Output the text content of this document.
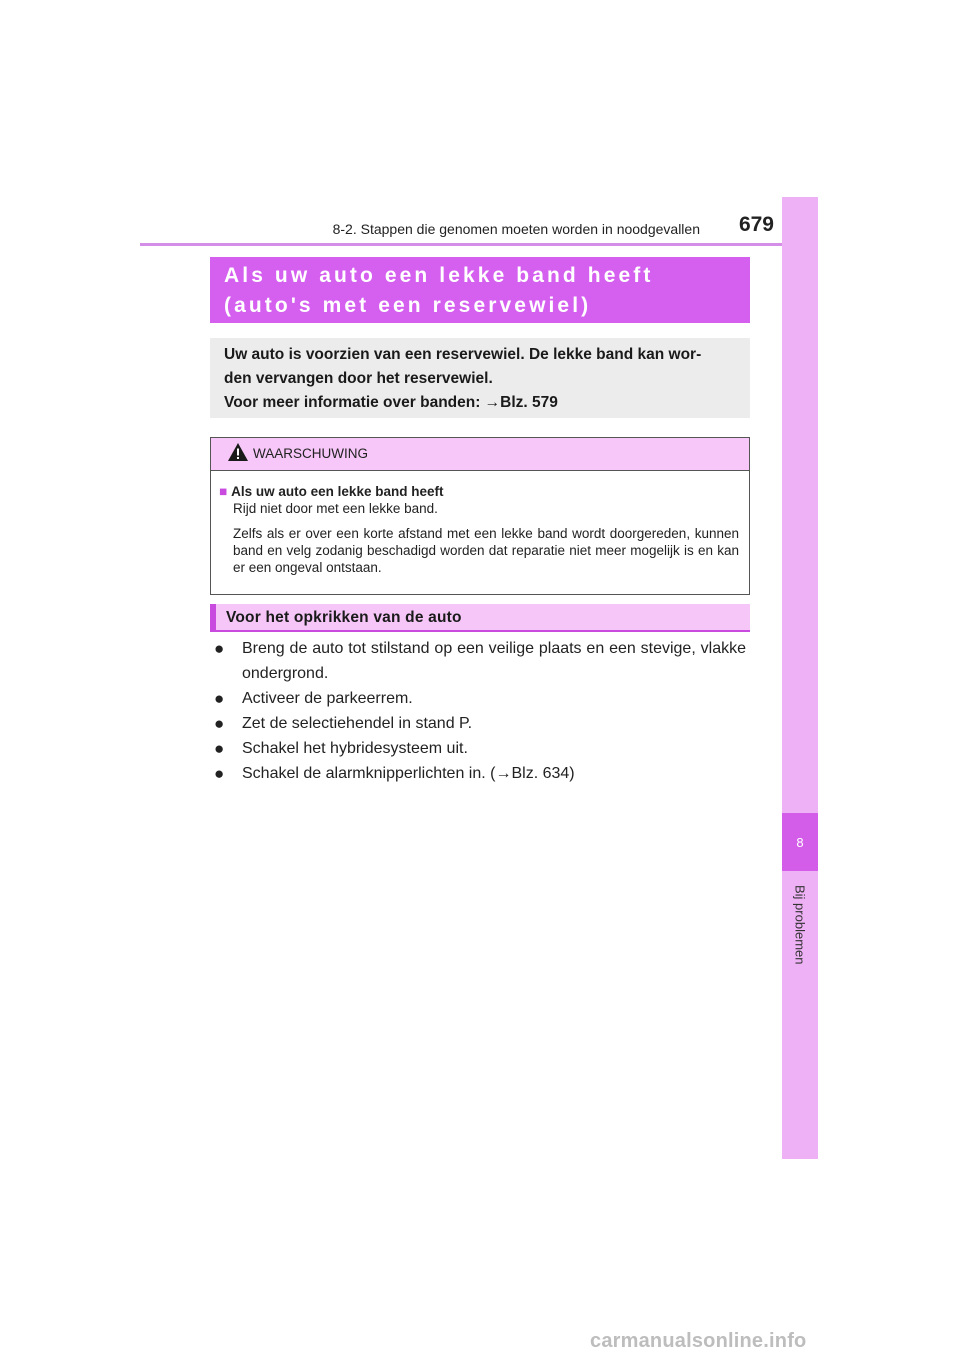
8-2. Stappen die genomen moeten worden in noodgevallen	679
8
Bij problemen
Als uw auto een lekke band heeft
(auto's met een reservewiel)
Uw auto is voorzien van een reservewiel. De lekke band kan wor-
den vervangen door het reservewiel.
Voor meer informatie over banden: →Blz. 579
WAARSCHUWING
■ Als uw auto een lekke band heeft

Rijd niet door met een lekke band.

Zelfs als er over een korte afstand met een lekke band wordt doorgereden, kunnen band en velg zodanig beschadigd worden dat reparatie niet meer mogelijk is en kan er een ongeval ontstaan.

Voor het opkrikken van de auto
●	Breng de auto tot stilstand op een veilige plaats en een stevige, vlakke ondergrond.
●	Activeer de parkeerrem.
●	Zet de selectiehendel in stand P.
●	Schakel het hybridesysteem uit.
●	Schakel de alarmknipperlichten in. (→Blz. 634)
carmanualsonline.info
